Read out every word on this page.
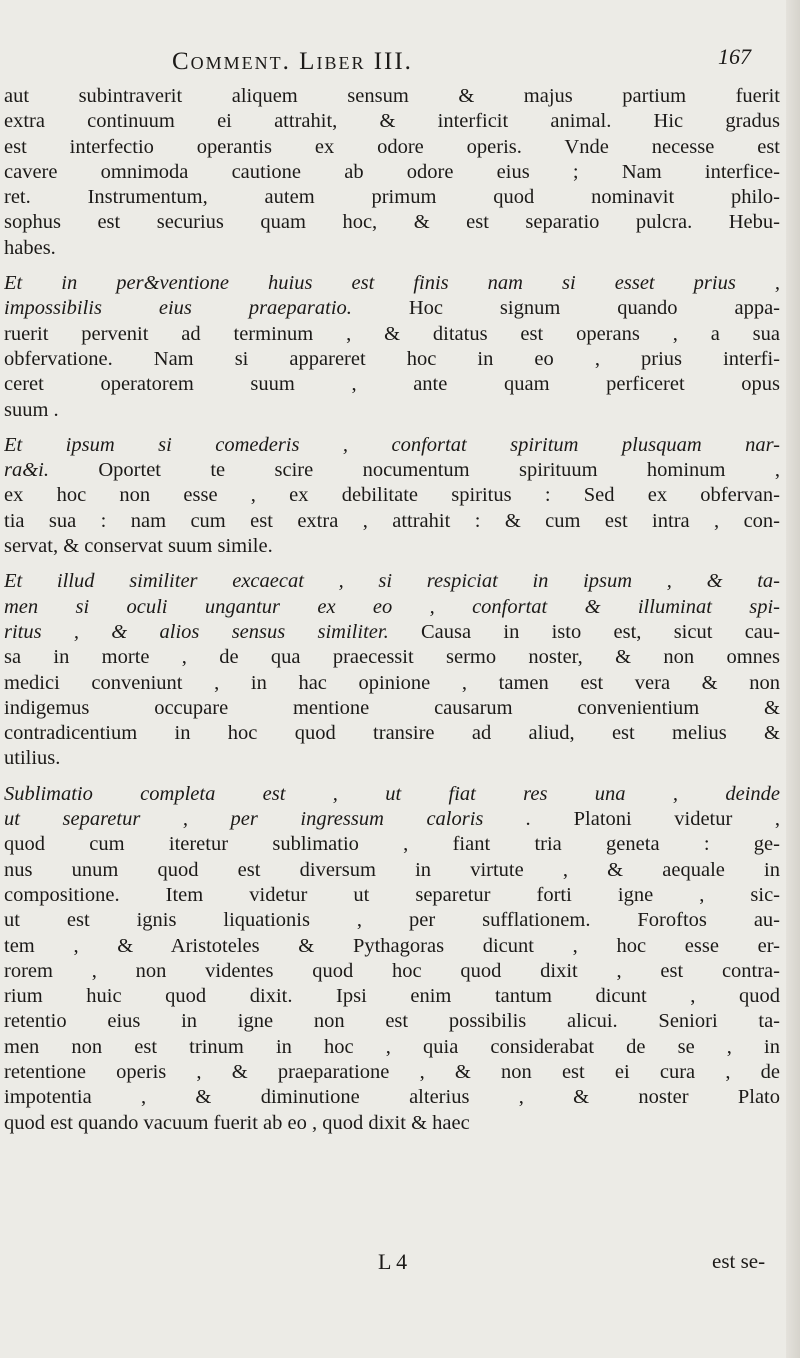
Comment. Liber III.	167
aut subintraverit aliquem sensum & majus partium fuerit
extra continuum ei attrahit, & interficit animal. Hic gradus
est interfectio operantis ex odore operis. Vnde necesse est
cavere omnimoda cautione ab odore eius ; Nam interfice-
ret. Instrumentum, autem primum quod nominavit philo-
sophus est securius quam hoc, & est separatio pulcra. Hebu-
habes.
Et in per&ventione huius est finis nam si esset prius ,
impossibilis eius praeparatio. Hoc signum quando appa-
ruerit pervenit ad terminum , & ditatus est operans , a sua
obfervatione. Nam si appareret hoc in eo , prius interfi-
ceret operatorem suum , ante quam perficeret opus
suum .
Et ipsum si comederis , confortat spiritum plusquam nar-
ra&i. Oportet te scire nocumentum spirituum hominum ,
ex hoc non esse , ex debilitate spiritus : Sed ex obfervan-
tia sua : nam cum est extra , attrahit : & cum est intra , con-
servat, & conservat suum simile.
Et illud similiter excaecat , si respiciat in ipsum , & ta-
men si oculi ungantur ex eo , confortat & illuminat spi-
ritus , & alios sensus similiter. Causa in isto est, sicut cau-
sa in morte , de qua praecessit sermo noster, & non omnes
medici conveniunt , in hac opinione , tamen est vera & non
indigemus occupare mentione causarum convenientium &
contradicentium in hoc quod transire ad aliud, est melius &
utilius.
Sublimatio completa est , ut fiat res una , deinde
ut separetur , per ingressum caloris . Platoni videtur ,
quod cum iteretur sublimatio , fiant tria geneta : ge-
nus unum quod est diversum in virtute , & aequale in
compositione. Item videtur ut separetur forti igne , sic-
ut est ignis liquationis , per sufflationem. Foroftos au-
tem , & Aristoteles & Pythagoras dicunt , hoc esse er-
rorem , non videntes quod hoc quod dixit , est contra-
rium huic quod dixit. Ipsi enim tantum dicunt , quod
retentio eius in igne non est possibilis alicui. Seniori ta-
men non est trinum in hoc , quia considerabat de se , in
retentione operis , & praeparatione , & non est ei cura , de
impotentia , & diminutione alterius , & noster Plato
quod est quando vacuum fuerit ab eo , quod dixit & haec
L 4	est se-
